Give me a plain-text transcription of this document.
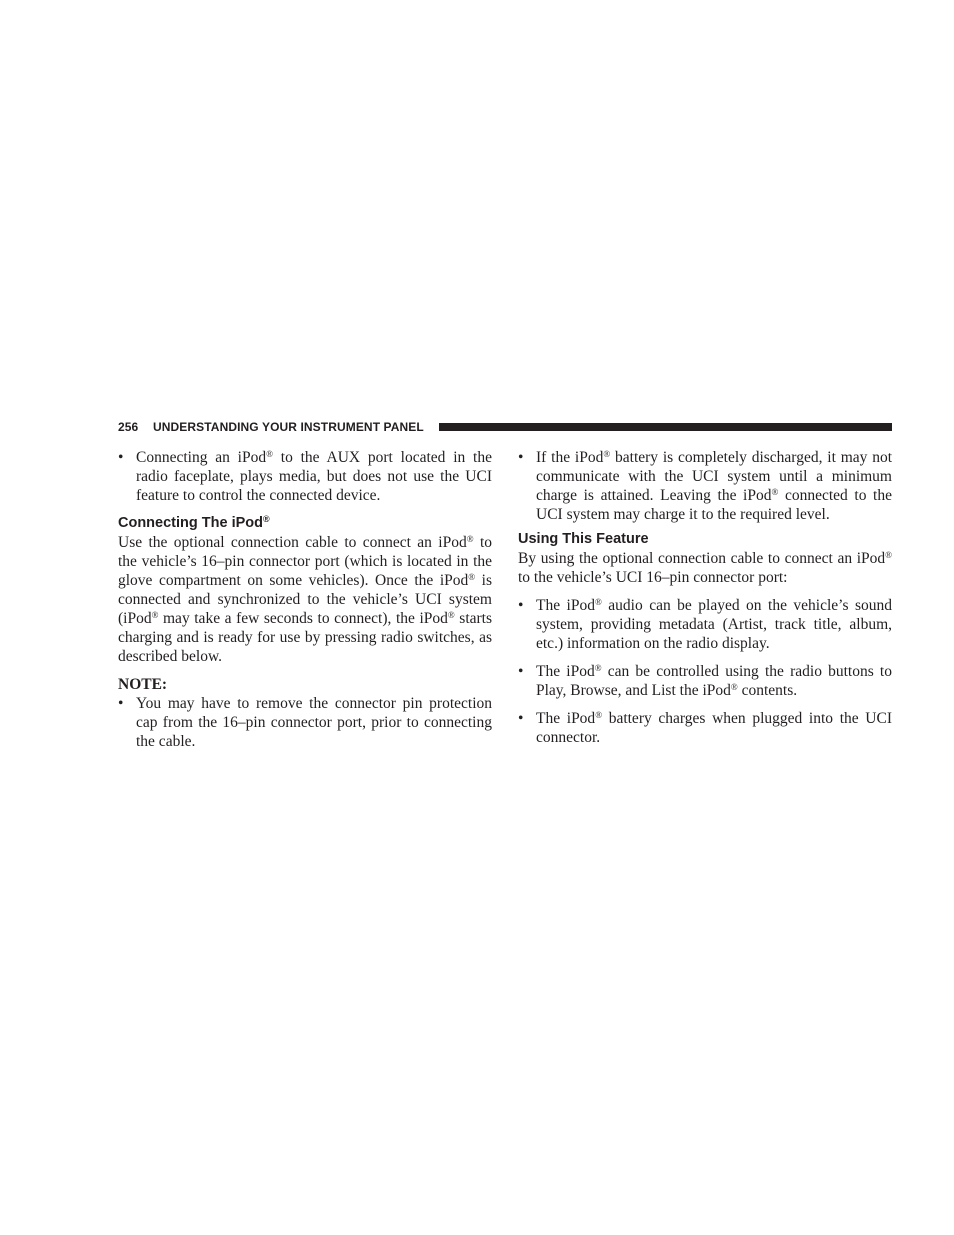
256 UNDERSTANDING YOUR INSTRUMENT PANEL
• Connecting an iPod® to the AUX port located in the radio faceplate, plays media, but does not use the UCI feature to control the connected device.
Connecting The iPod®

Use the optional connection cable to connect an iPod® to the vehicle’s 16–pin connector port (which is located in the glove compartment on some vehicles). Once the iPod® is connected and synchronized to the vehicle’s UCI system (iPod® may take a few seconds to connect), the iPod® starts charging and is ready for use by pressing radio switches, as described below.

NOTE:

• You may have to remove the connector pin protection cap from the 16–pin connector port, prior to connecting the cable.
• If the iPod® battery is completely discharged, it may not communicate with the UCI system until a minimum charge is attained. Leaving the iPod® connected to the UCI system may charge it to the required level.
Using This Feature

By using the optional connection cable to connect an iPod® to the vehicle’s UCI 16–pin connector port:

• The iPod® audio can be played on the vehicle’s sound system, providing metadata (Artist, track title, album, etc.) information on the radio display.
• The iPod® can be controlled using the radio buttons to Play, Browse, and List the iPod® contents.
• The iPod® battery charges when plugged into the UCI connector.
